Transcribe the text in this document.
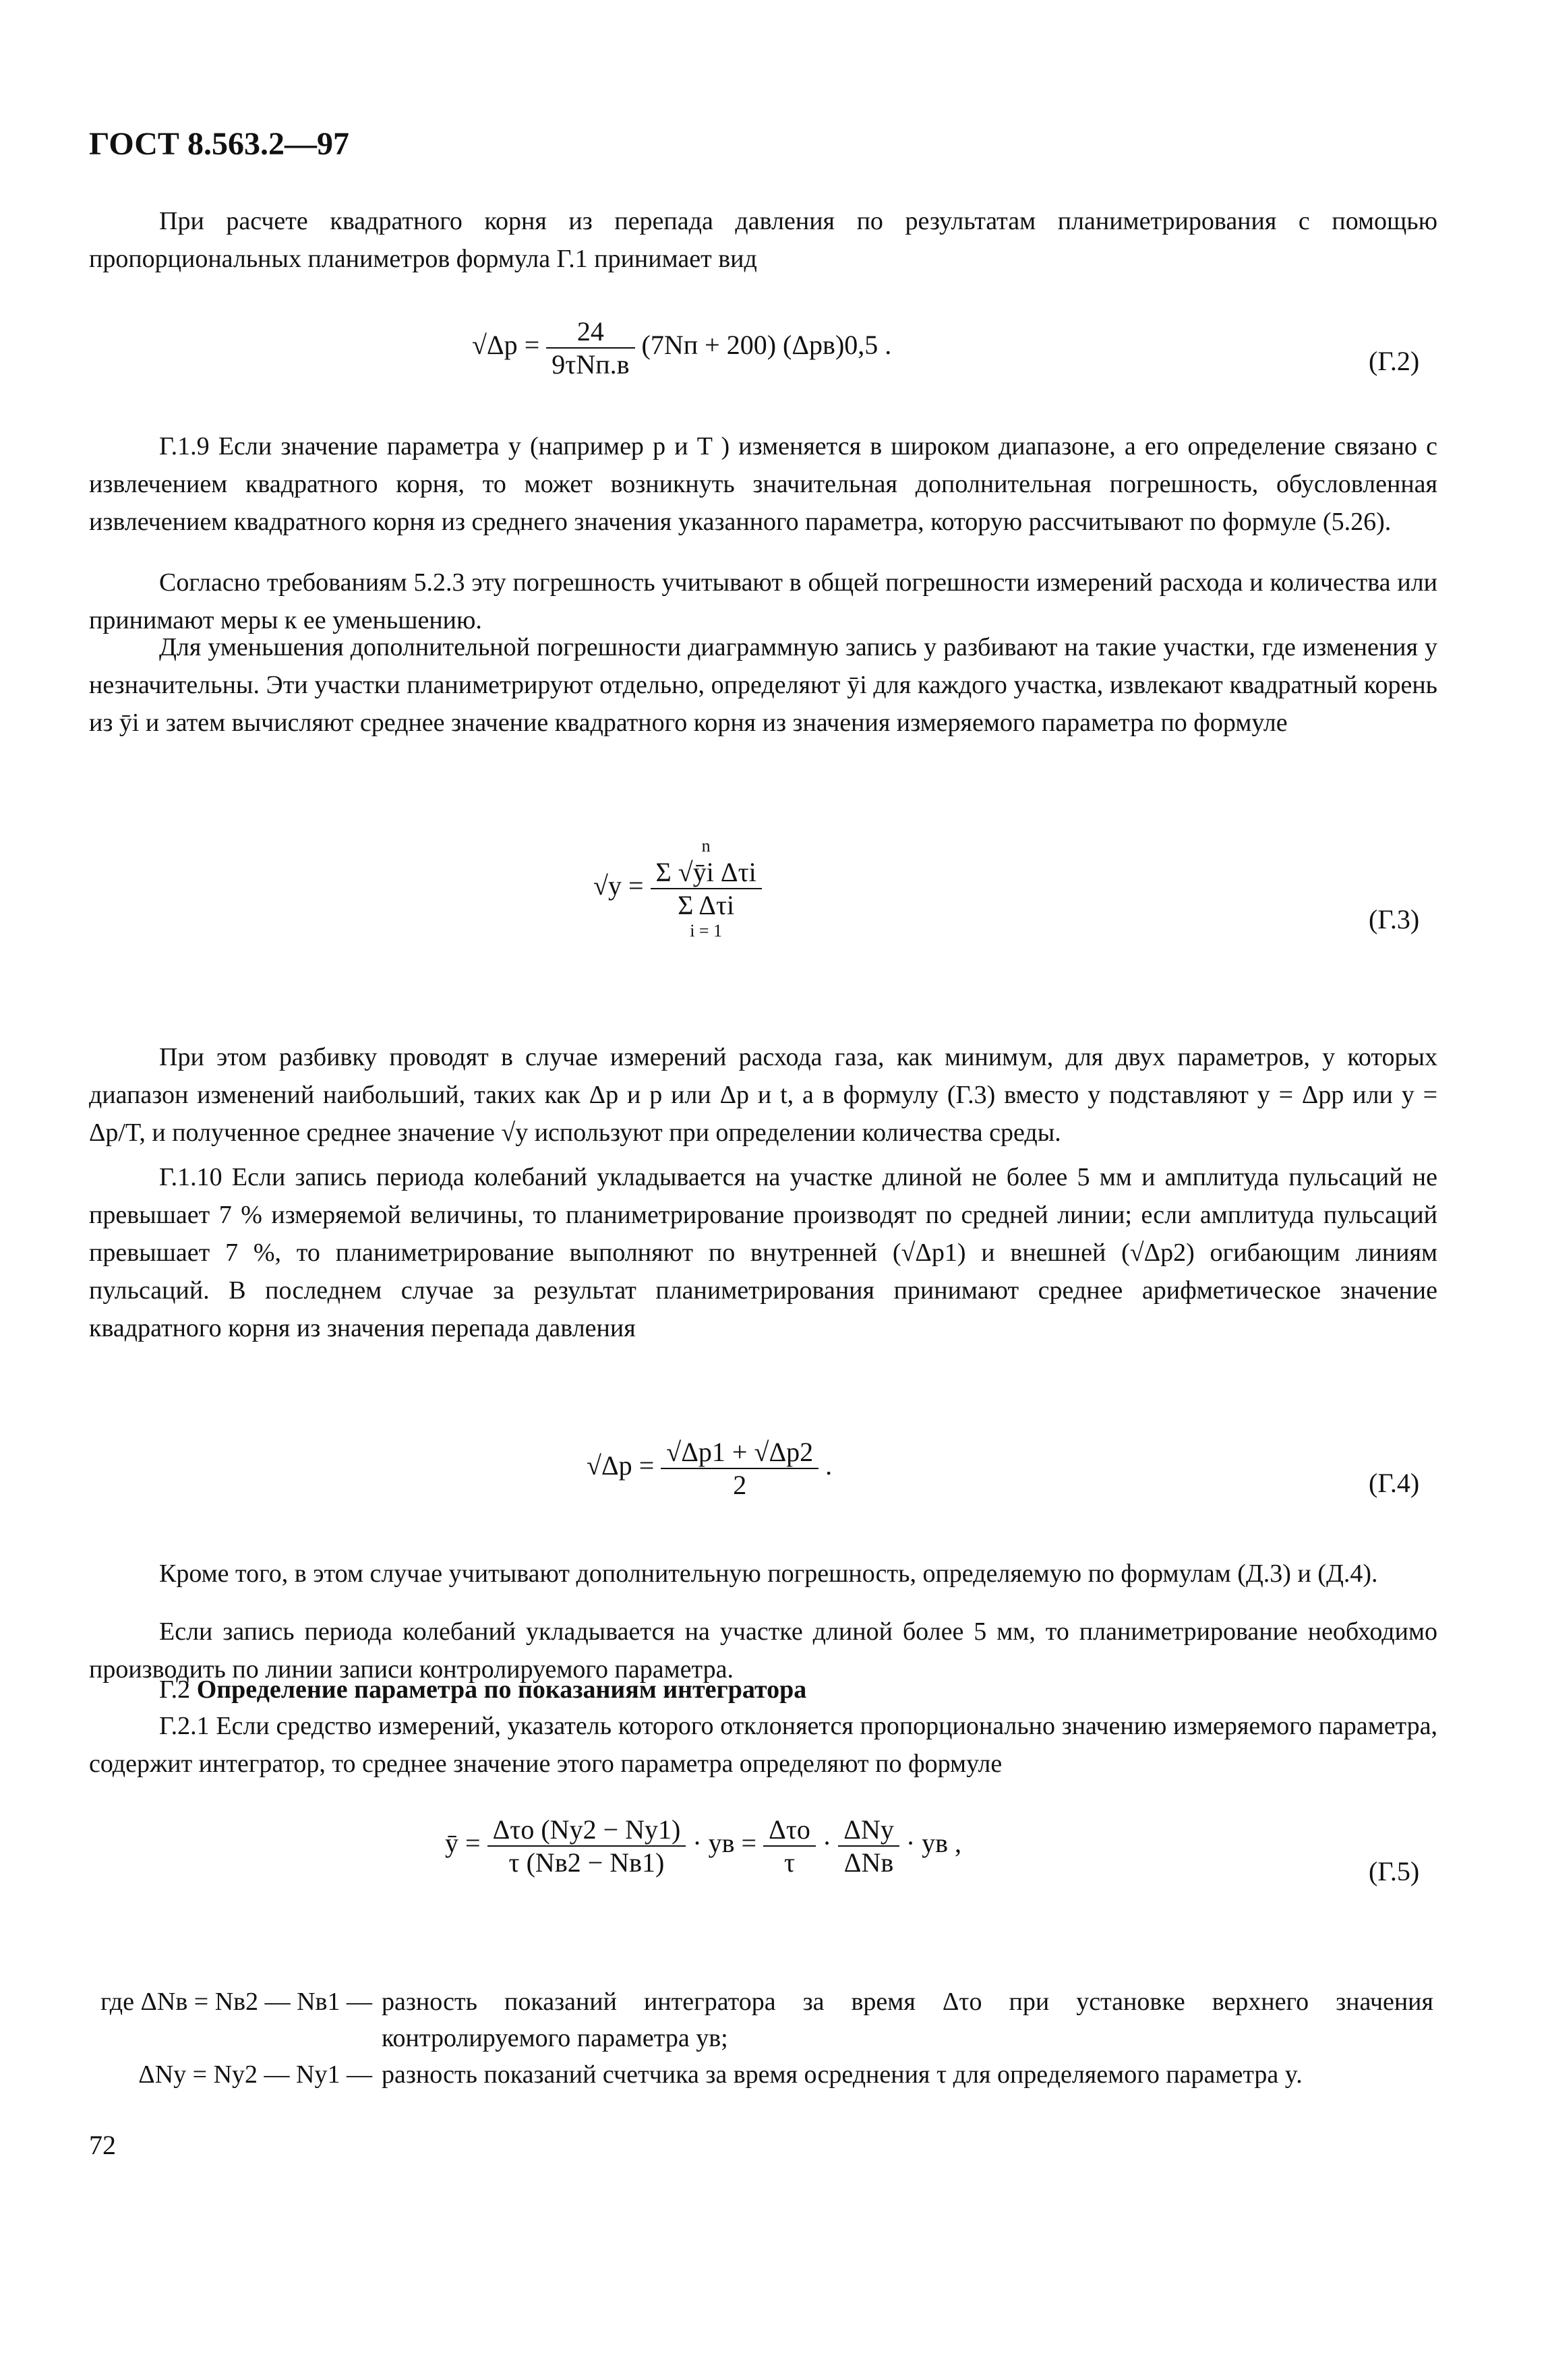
ГОСТ 8.563.2—97

При расчете квадратного корня из перепада давления по результатам планиметрирования с помощью пропорциональных планиметров формула Г.1 принимает вид

$√\Delta p = \frac{24}{\text{9τNп.в}} (7Nп + 200)$ (Δpв)0,5 .
(Г.2)

Г.1.9 Если значение параметра y (например p и T ) изменяется в широком диапазоне, а его определение связано с извлечением квадратного корня, то может возникнуть значительная дополнительная погрешность, обусловленная извлечением квадратного корня из среднего значения указанного параметра, которую рассчитывают по формуле (5.26).

Согласно требованиям 5.2.3 эту погрешность учитывают в общей погрешности измерений расхода и количества или принимают меры к ее уменьшению.

Для уменьшения дополнительной погрешности диаграммную запись y разбивают на такие участки, где изменения y незначительны. Эти участки планиметрируют отдельно, определяют ȳi для каждого участка, извлекают квадратный корень из ȳi и затем вычисляют среднее значение квадратного корня из значения измеряемого параметра по формуле

√y =
n
Σ √ȳi Δτi
Σ Δτi
i = 1	(Г.3)

При этом разбивку проводят в случае измерений расхода газа, как минимум, для двух параметров, у которых диапазон изменений наибольший, таких как Δp и p или Δp и t, а в формулу (Г.3) вместо y подставляют y = Δpp или y = Δp/T, и полученное среднее значение √y используют при определении количества среды.

Г.1.10 Если запись периода колебаний укладывается на участке длиной не более 5 мм и амплитуда пульсаций не превышает 7 % измеряемой величины, то планиметрирование производят по средней линии; если амплитуда пульсаций превышает 7 %, то планиметрирование выполняют по внутренней (√Δp1) и внешней (√Δp2) огибающим линиям пульсаций. В последнем случае за результат планиметрирования принимают среднее арифметическое значение квадратного корня из значения перепада давления

$√\Delta p = \frac{√\Delta p1 + √\Delta p2}{2}$ .
(Г.4)

Кроме того, в этом случае учитывают дополнительную погрешность, определяемую по формулам (Д.3) и (Д.4).

Если запись периода колебаний укладывается на участке длиной более 5 мм, то планиметрирование необходимо производить по линии записи контролируемого параметра.

Г.2 Определение параметра по показаниям интегратора

Г.2.1 Если средство измерений, указатель которого отклоняется пропорционально значению измеряемого параметра, содержит интегратор, то среднее значение этого параметра определяют по формуле

ȳ = $\frac{\text{Δτо (Ny2 − Ny1)}}{\tau (Nв2 - Nв1)}$ · yв = $\frac{\text{Δτо}}{\tau} \cdot \frac{\text{ΔNy}}{\text{ΔNв}}$ · yв ,
(Г.5)
где ΔNв = Nв2 — Nв1 — разность показаний интегратора за время Δτо при установке верхнего значения контролируемого параметра yв;
ΔNy = Ny2 — Ny1 — разность показаний счетчика за время осреднения τ для определяемого параметра y.
72
